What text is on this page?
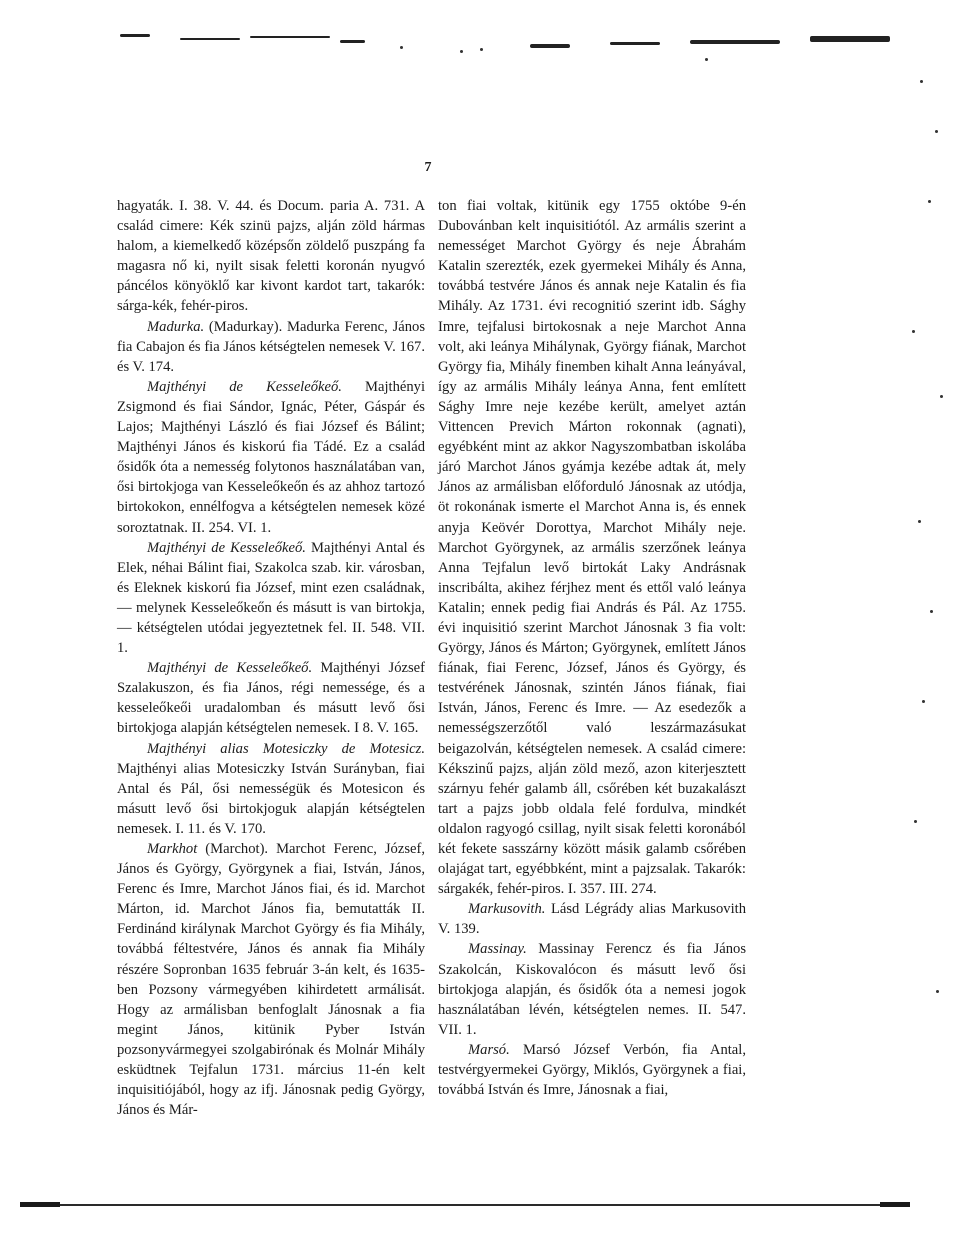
7

hagyaták. I. 38. V. 44. és Docum. paria A. 731. A család cimere: Kék szinü pajzs, alján zöld hármas halom, a kiemelkedő középsőn zöldelő puszpáng fa magasra nő ki, nyilt sisak feletti koronán nyugvó páncélos könyöklő kar kivont kardot tart, takarók: sárga-kék, fehér-piros.

Madurka. (Madurkay). Madurka Ferenc, János fia Cabajon és fia János kétségtelen nemesek V. 167. és V. 174.

Majthényi de Kesseleőkeő. Majthényi Zsigmond és fiai Sándor, Ignác, Péter, Gáspár és Lajos; Majthényi László és fiai József és Bálint; Majthényi János és kiskorú fia Tádé. Ez a család ősidők óta a nemesség folytonos használatában van, ősi birtokjoga van Kesseleőkeőn és az ahhoz tartozó birtokokon, ennélfogva a kétségtelen nemesek közé soroztatnak. II. 254. VI. 1.

Majthényi de Kesseleőkeő. Majthényi Antal és Elek, néhai Bálint fiai, Szakolca szab. kir. városban, és Eleknek kiskorú fia József, mint ezen családnak, — melynek Kesseleőkeőn és másutt is van birtokja, — kétségtelen utódai jegyeztetnek fel. II. 548. VII. 1.

Majthényi de Kesseleőkeő. Majthényi József Szalakuszon, és fia János, régi nemessége, és a kesseleőkeői uradalomban és másutt levő ősi birtokjoga alapján kétségtelen nemesek. I 8. V. 165.

Majthényi alias Motesiczky de Motesicz. Majthényi alias Motesiczky István Surányban, fiai Antal és Pál, ősi nemességük és Motesicon és másutt levő ősi birtokjoguk alapján kétségtelen nemesek. I. 11. és V. 170.

Markhot (Marchot). Marchot Ferenc, József, János és György, Györgynek a fiai, István, János, Ferenc és Imre, Marchot János fiai, és id. Marchot Márton, id. Marchot János fia, bemutatták II. Ferdinánd királynak Marchot György és fia Mihály, továbbá féltestvére, János és annak fia Mihály részére Sopronban 1635 február 3-án kelt, és 1635-ben Pozsony vármegyében kihirdetett armálisát. Hogy az armálisban benfoglalt Jánosnak a fia megint János, kitünik Pyber István pozsonyvármegyei szolgabirónak és Molnár Mihály esküdtnek Tejfalun 1731. március 11-én kelt inquisitiójából, hogy az ifj. Jánosnak pedig György, János és Már-

ton fiai voltak, kitünik egy 1755 októbe 9-én Dubovánban kelt inquisitiótól. Az armális szerint a nemességet Marchot György és neje Ábrahám Katalin szerezték, ezek gyermekei Mihály és Anna, továbbá testvére János és annak neje Katalin és fia Mihály. Az 1731. évi recognitió szerint idb. Sághy Imre, tejfalusi birtokosnak a neje Marchot Anna volt, aki leánya Mihálynak, György fiának, Marchot György fia, Mihály finemben kihalt Anna leányával, így az armális Mihály leánya Anna, fent említett Sághy Imre neje kezébe került, amelyet aztán Vittencen Previch Márton rokonnak (agnati), egyébként mint az akkor Nagyszombatban iskolába járó Marchot János gyámja kezébe adtak át, mely János az armálisban előforduló Jánosnak az utódja, öt rokonának ismerte el Marchot Anna is, és ennek anyja Keövér Dorottya, Marchot Mihály neje. Marchot Györgynek, az armális szerzőnek leánya Anna Tejfalun levő birtokát Laky Andrásnak inscribálta, akihez férjhez ment és ettől való leánya Katalin; ennek pedig fiai András és Pál. Az 1755. évi inquisitió szerint Marchot Jánosnak 3 fia volt: György, János és Márton; Györgynek, említett János fiának, fiai Ferenc, József, János és György, és testvérének Jánosnak, szintén János fiának, fiai István, János, Ferenc és Imre. — Az esedezők a nemességszerzőtől való leszármazásukat beigazolván, kétségtelen nemesek. A család cimere: Kékszinű pajzs, alján zöld mező, azon kiterjesztett szárnyu fehér galamb áll, csőrében két buzakalászt tart a pajzs jobb oldala felé fordulva, mindkét oldalon ragyogó csillag, nyilt sisak feletti koronából két fekete sasszárny között másik galamb csőrében olajágat tart, egyébbként, mint a pajzsalak. Takarók: sárgakék, fehér-piros. I. 357. III. 274.

Markusovith. Lásd Légrády alias Markusovith V. 139.

Massinay. Massinay Ferencz és fia János Szakolcán, Kiskovalócon és másutt levő ősi birtokjoga alapján, és ősidők óta a nemesi jogok használatában lévén, kétségtelen nemes. II. 547. VII. 1.

Marsó. Marsó József Verbón, fia Antal, testvérgyermekei György, Miklós, Györgynek a fiai, továbbá István és Imre, Jánosnak a fiai,
